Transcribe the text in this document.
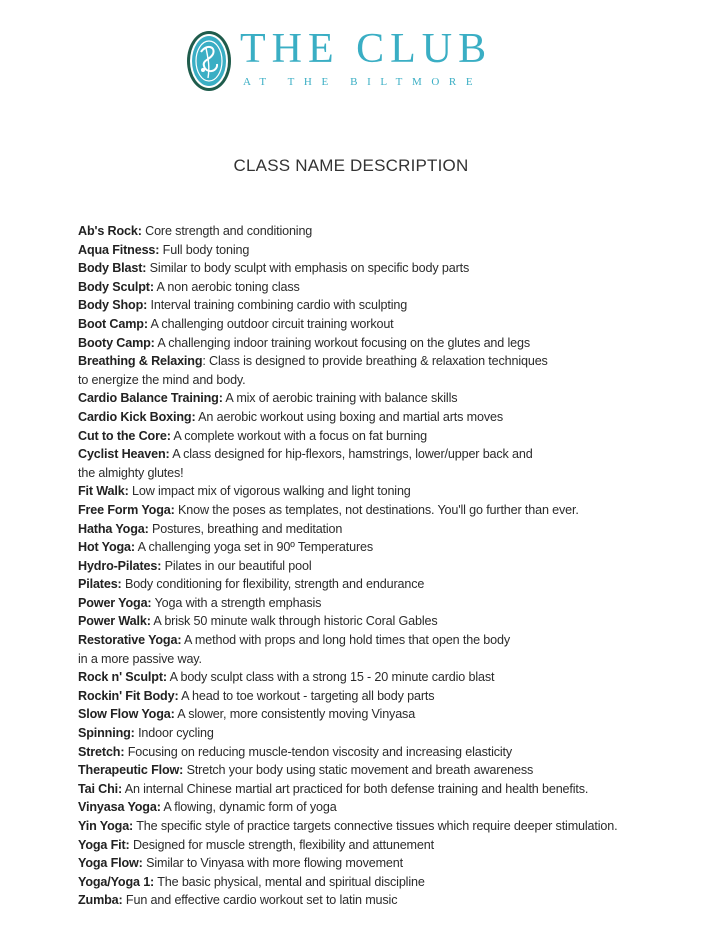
THE CLUB
AT THE BILTMORE
CLASS NAME DESCRIPTION
Ab's Rock: Core strength and conditioning
Aqua Fitness: Full body toning
Body Blast: Similar to body sculpt with emphasis on specific body parts
Body Sculpt: A non aerobic toning class
Body Shop: Interval training combining cardio with sculpting
Boot Camp: A challenging outdoor circuit training workout
Booty Camp: A challenging indoor training workout focusing on the glutes and legs
Breathing & Relaxing: Class is designed to provide breathing & relaxation techniques
to energize the mind and body.
Cardio Balance Training: A mix of aerobic training with balance skills
Cardio Kick Boxing: An aerobic workout using boxing and martial arts moves
Cut to the Core: A complete workout with a focus on fat burning
Cyclist Heaven: A class designed for hip-flexors, hamstrings, lower/upper back and
the almighty glutes!
Fit Walk: Low impact mix of vigorous walking and light toning
Free Form Yoga: Know the poses as templates, not destinations. You'll go further than ever.
Hatha Yoga: Postures, breathing and meditation
Hot Yoga: A challenging yoga set in 90º Temperatures
Hydro-Pilates: Pilates in our beautiful pool
Pilates: Body conditioning for flexibility, strength and endurance
Power Yoga: Yoga with a strength emphasis
Power Walk: A brisk 50 minute walk through historic Coral Gables
Restorative Yoga: A method with props and long hold times that open the body
in a more passive way.
Rock n' Sculpt: A body sculpt class with a strong 15 - 20 minute cardio blast
Rockin' Fit Body: A head to toe workout - targeting all body parts
Slow Flow Yoga: A slower, more consistently moving Vinyasa
Spinning: Indoor cycling
Stretch: Focusing on reducing muscle-tendon viscosity and increasing elasticity
Therapeutic Flow: Stretch your body using static movement and breath awareness
Tai Chi: An internal Chinese martial art practiced for both defense training and health benefits.
Vinyasa Yoga: A flowing, dynamic form of yoga
Yin Yoga: The specific style of practice targets connective tissues which require deeper stimulation.
Yoga Fit: Designed for muscle strength, flexibility and attunement
Yoga Flow: Similar to Vinyasa with more flowing movement
Yoga/Yoga 1: The basic physical, mental and spiritual discipline
Zumba: Fun and effective cardio workout set to latin music
